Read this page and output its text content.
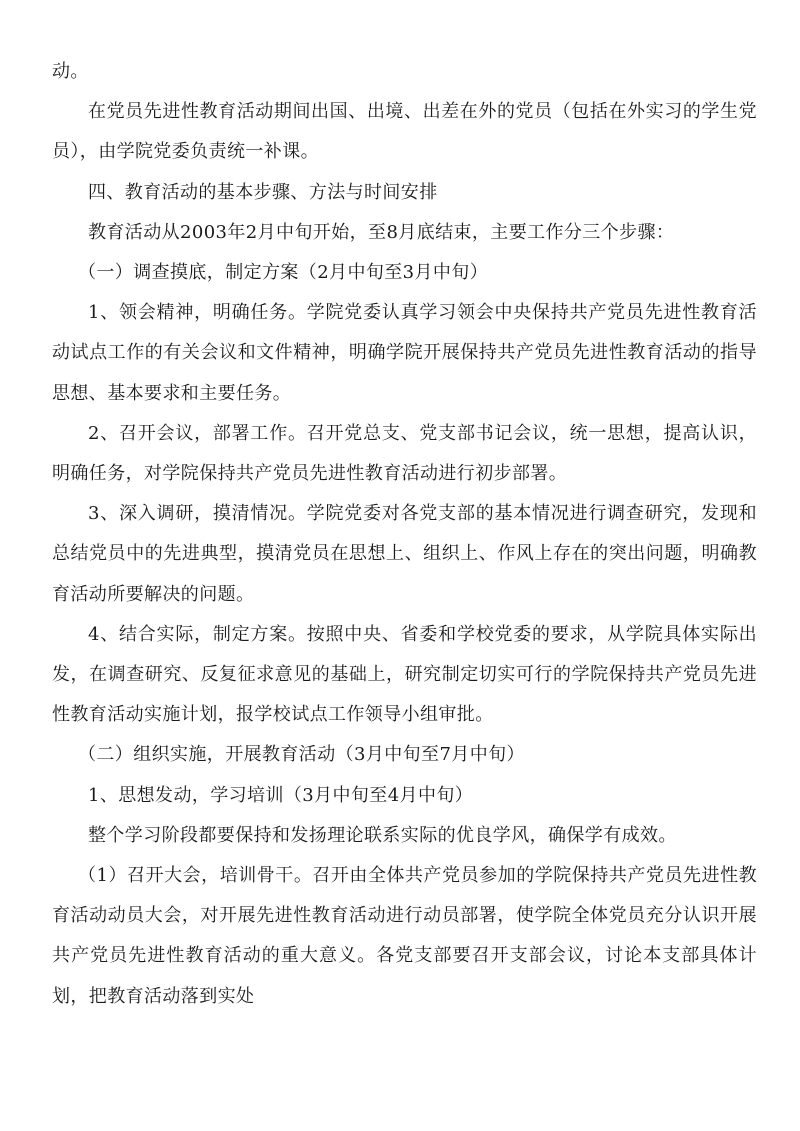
动。

在党员先进性教育活动期间出国、出境、出差在外的党员（包括在外实习的学生党员），由学院党委负责统一补课。

四、教育活动的基本步骤、方法与时间安排

教育活动从2003年2月中旬开始，至8月底结束，主要工作分三个步骤：

（一）调查摸底，制定方案（2月中旬至3月中旬）

1、领会精神，明确任务。学院党委认真学习领会中央保持共产党员先进性教育活动试点工作的有关会议和文件精神，明确学院开展保持共产党员先进性教育活动的指导思想、基本要求和主要任务。

2、召开会议，部署工作。召开党总支、党支部书记会议，统一思想，提高认识，明确任务，对学院保持共产党员先进性教育活动进行初步部署。

3、深入调研，摸清情况。学院党委对各党支部的基本情况进行调查研究，发现和总结党员中的先进典型，摸清党员在思想上、组织上、作风上存在的突出问题，明确教育活动所要解决的问题。

4、结合实际，制定方案。按照中央、省委和学校党委的要求，从学院具体实际出发，在调查研究、反复征求意见的基础上，研究制定切实可行的学院保持共产党员先进性教育活动实施计划，报学校试点工作领导小组审批。

（二）组织实施，开展教育活动（3月中旬至7月中旬）

1、思想发动，学习培训（3月中旬至4月中旬）

整个学习阶段都要保持和发扬理论联系实际的优良学风，确保学有成效。

（1）召开大会，培训骨干。召开由全体共产党员参加的学院保持共产党员先进性教育活动动员大会，对开展先进性教育活动进行动员部署，使学院全体党员充分认识开展共产党员先进性教育活动的重大意义。各党支部要召开支部会议，讨论本支部具体计划，把教育活动落到实处
